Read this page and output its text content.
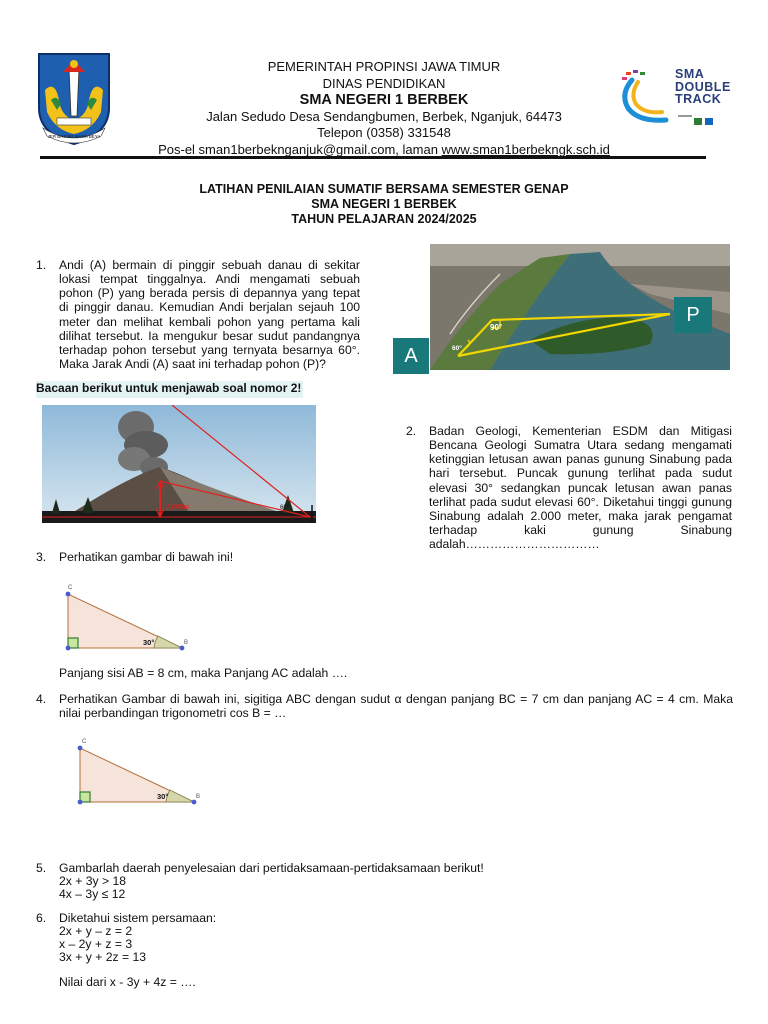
JER BASUKI MAWA BEYA
PEMERINTAH PROPINSI JAWA TIMUR
DINAS PENDIDIKAN
SMA NEGERI 1 BERBEK
Jalan Sedudo Desa Sendangbumen, Berbek, Nganjuk, 64473
Telepon (0358) 331548
Pos-el sman1berbeknganjuk@gmail.com, laman www.sman1berbekngk.sch.id
SMA
DOUBLE
TRACK
LATIHAN PENILAIAN SUMATIF BERSAMA SEMESTER GENAP
SMA NEGERI 1 BERBEK
TAHUN PELAJARAN 2024/2025
1. Andi (A) bermain di pinggir sebuah danau di sekitar lokasi tempat tinggalnya. Andi mengamati sebuah pohon (P) yang berada persis di depannya yang tepat di pinggir danau. Kemudian Andi berjalan sejauh 100 meter dan melihat kembali pohon yang pertama kali dilihat tersebut. Ia mengukur besar sudut pandangnya terhadap pohon tersebut yang ternyata besarnya 60°. Maka Jarak Andi (A) saat ini terhadap pohon (P)?
90°
60°
A
P
Bacaan berikut untuk menjawab soal nomor 2!
2.000m	60°
2. Badan Geologi, Kementerian ESDM dan Mitigasi Bencana Geologi Sumatra Utara sedang mengamati ketinggian letusan awan panas gunung Sinabung pada hari tersebut. Puncak gunung terlihat pada sudut elevasi 30° sedangkan puncak letusan awan panas terlihat pada sudut elevasi 60°. Diketahui tinggi gunung Sinabung adalah 2.000 meter, maka jarak pengamat terhadap kaki gunung Sinabung adalah……………………………
3. Perhatikan gambar di bawah ini!
C
B
30°
Panjang sisi AB = 8 cm, maka Panjang AC adalah ….
4. Perhatikan Gambar di bawah ini, sigitiga ABC dengan sudut α dengan panjang BC = 7 cm dan panjang AC = 4 cm. Maka nilai perbandingan trigonometri cos B = …
C
B
30°
5. Gambarlah daerah penyelesaian dari pertidaksamaan-pertidaksamaan berikut!
2x + 3y > 18
4x – 3y ≤ 12
6. Diketahui sistem persamaan:
2x + y – z = 2
x – 2y + z = 3
3x + y + 2z = 13
Nilai dari x - 3y + 4z = ….
